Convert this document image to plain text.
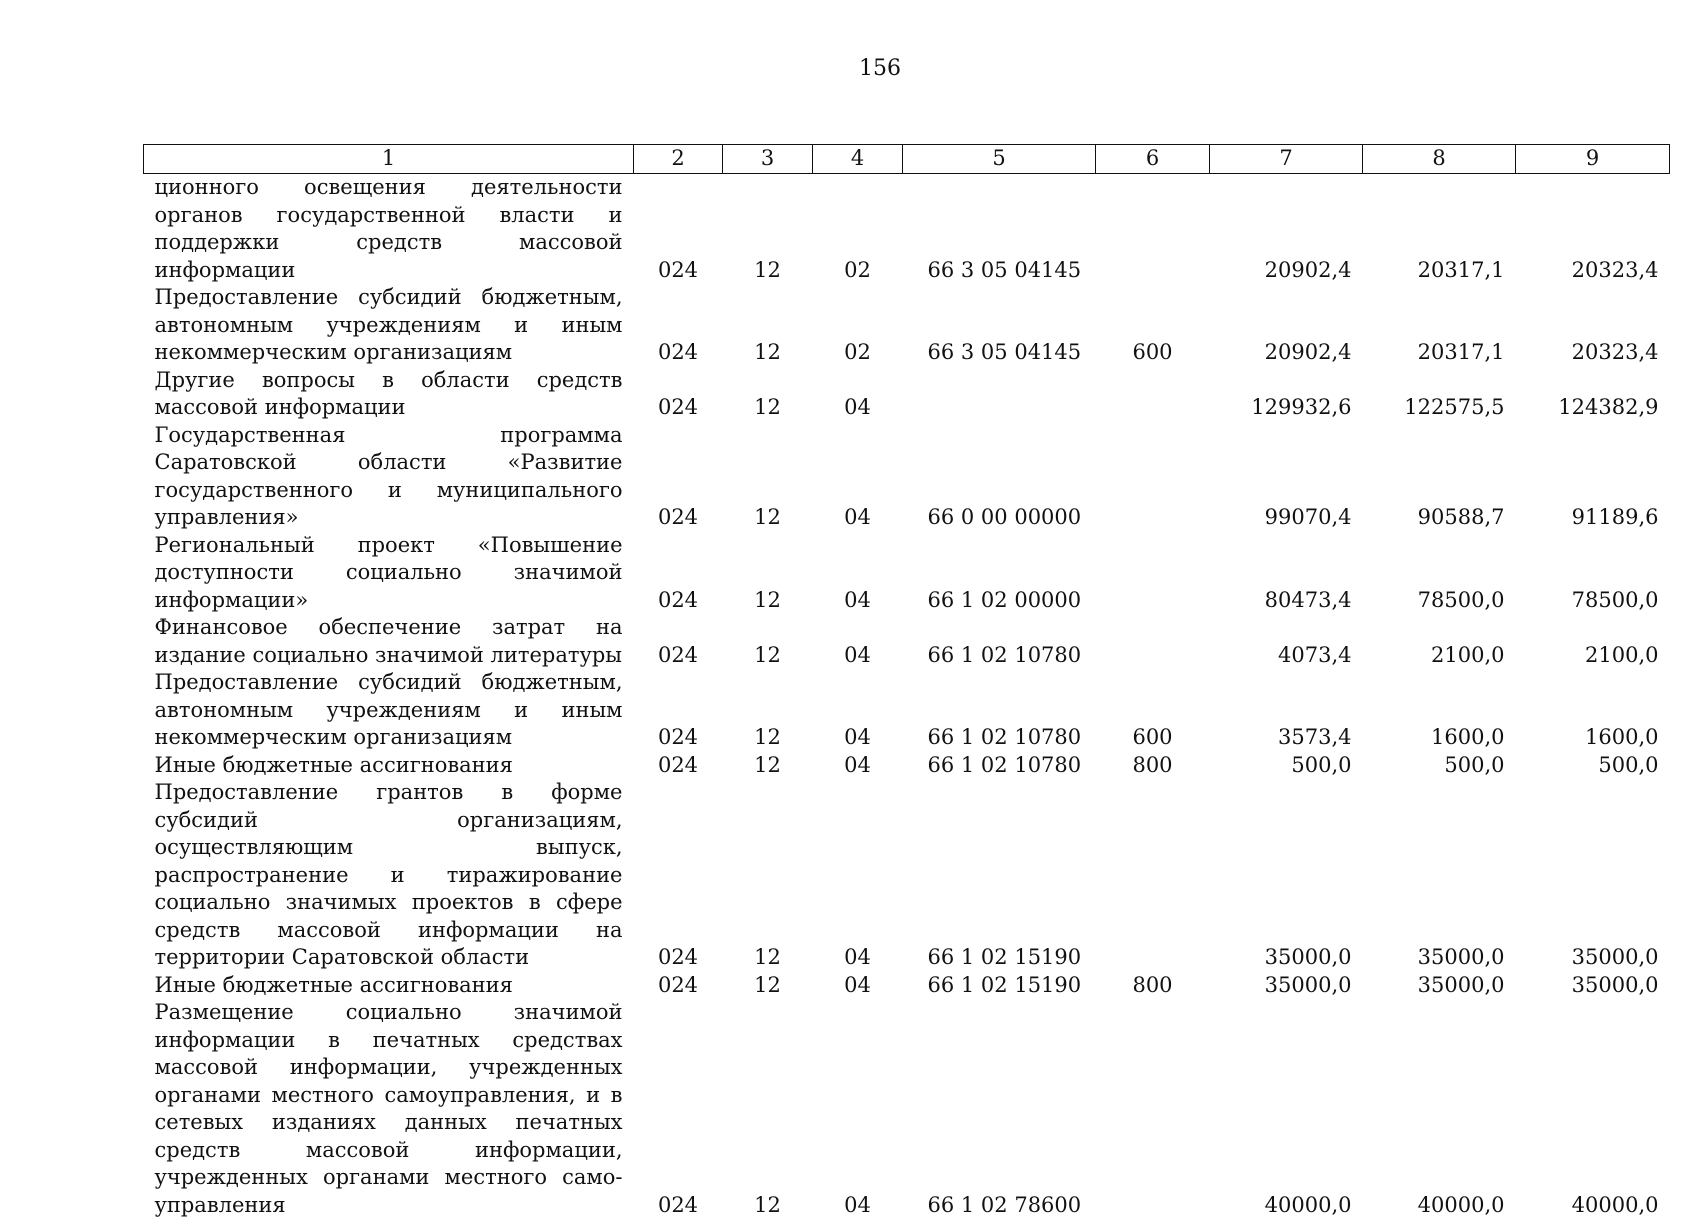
156
1	2	3	4	5	6	7	8	9
ционного освещения деятельности органов государственной власти и поддержки средств массовой информации	024	12	02	66 3 05 04145		20902,4	20317,1	20323,4
Предоставление субсидий бюджетным, автономным учреждениям и иным некоммерческим организациям	024	12	02	66 3 05 04145	600	20902,4	20317,1	20323,4
Другие вопросы в области средств массовой информации	024	12	04			129932,6	122575,5	124382,9
Государственная программа Саратовской области «Развитие государственного и муниципального управления»	024	12	04	66 0 00 00000		99070,4	90588,7	91189,6
Региональный проект «Повышение доступности социально значимой информации»	024	12	04	66 1 02 00000		80473,4	78500,0	78500,0
Финансовое обеспечение затрат на издание социально значимой литературы	024	12	04	66 1 02 10780		4073,4	2100,0	2100,0
Предоставление субсидий бюджетным, автономным учреждениям и иным некоммерческим организациям	024	12	04	66 1 02 10780	600	3573,4	1600,0	1600,0
Иные бюджетные ассигнования	024	12	04	66 1 02 10780	800	500,0	500,0	500,0
Предоставление грантов в форме субсидий организациям, осуществляющим выпуск, распространение и тиражирование социально значимых проектов в сфере средств массовой информации на территории Саратовской области	024	12	04	66 1 02 15190		35000,0	35000,0	35000,0
Иные бюджетные ассигнования	024	12	04	66 1 02 15190	800	35000,0	35000,0	35000,0
Размещение социально значимой информации в печатных средствах массовой информации, учрежденных органами местного самоуправления, и в сетевых изданиях данных печатных средств массовой информации, учрежденных органами местного самоуправления	024	12	04	66 1 02 78600		40000,0	40000,0	40000,0
